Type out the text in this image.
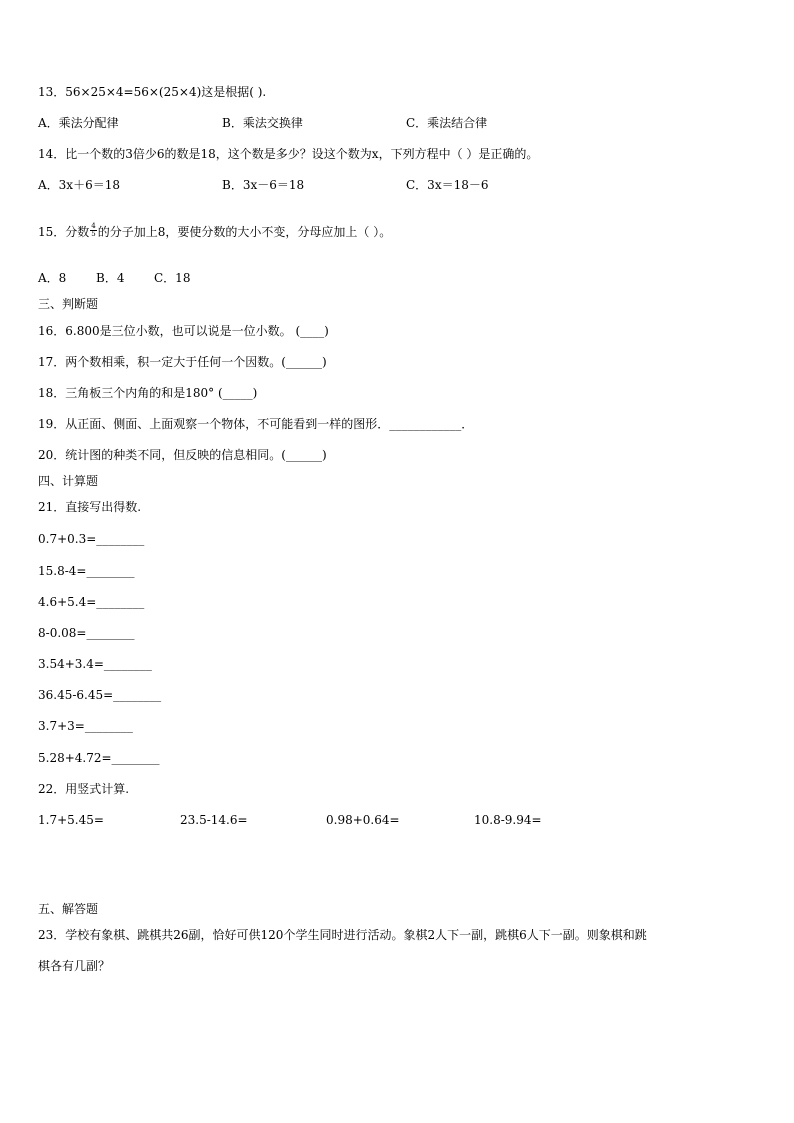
13．56×25×4=56×(25×4)这是根据( ).
A．乘法分配律	B．乘法交换律	C．乘法结合律
14．比一个数的3倍少6的数是18，这个数是多少？设这个数为x，下列方程中（ ）是正确的。
A．3x＋6＝18	B．3x－6＝18	C．3x＝18－6
15．分数 $\frac{4}{5}$ 的分子加上8，要使分数的大小不变，分母应加上（ ）。
A．8 B．4 C．18
三、判断题
16．6.800是三位小数，也可以说是一位小数。 (____)
17．两个数相乘，积一定大于任何一个因数。(______)
18．三角板三个内角的和是180° (_____)
19．从正面、侧面、上面观察一个物体，不可能看到一样的图形．____________．
20．统计图的种类不同，但反映的信息相同。(______)
四、计算题
21．直接写出得数.
0.7+0.3=________
15.8-4=________
4.6+5.4=________
8-0.08=________
3.54+3.4=________
36.45-6.45=________
3.7+3=________
5.28+4.72=________
22．用竖式计算.
1.7+5.45=	23.5-14.6=	0.98+0.64=	10.8-9.94=
五、解答题
23．学校有象棋、跳棋共26副，恰好可供120个学生同时进行活动。象棋2人下一副，跳棋6人下一副。则象棋和跳
棋各有几副？
